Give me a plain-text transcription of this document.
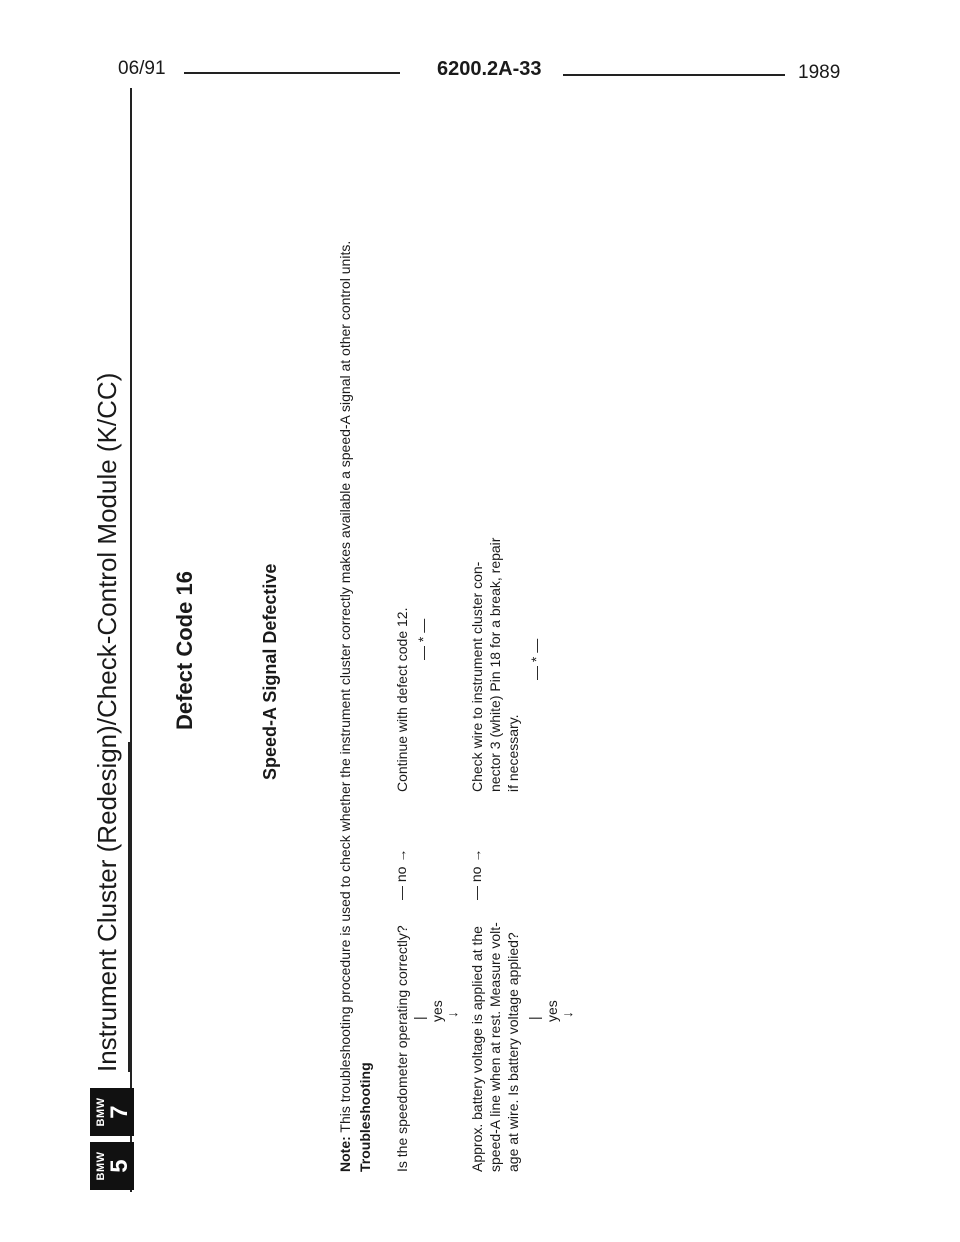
06/91	6200.2A-33	1989
BMW 5
BMW 7
Instrument Cluster (Redesign)/Check-Control Module (K/CC) Defect Code 16	Speed-A Signal Defective
Note: This troubleshooting procedure is used to check whether the instrument cluster correctly makes available a speed-A signal at other control units. Troubleshooting Is the speedometer operating correctly?
— no →
Continue with defect code 12. — * —
| yes ↓ Approx. battery voltage is applied at the speed-A line when at rest. Measure volt- age at wire. Is battery voltage applied?
— no →
Check wire to instrument cluster con- nector 3 (white) Pin 18 for a break, repair if necessary.
— * —
| yes ↓
